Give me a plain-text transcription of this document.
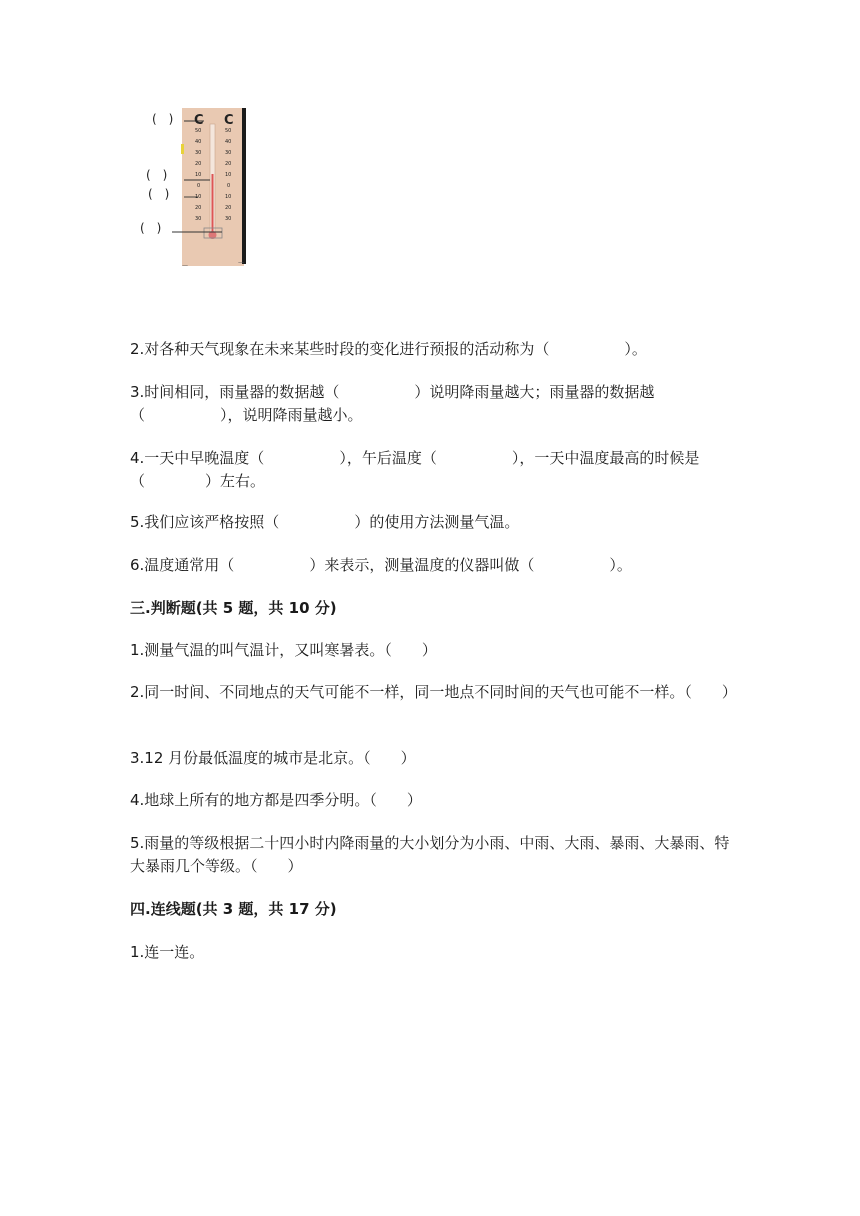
—
—
C C
50
40
30
20
10
0
10
20
30
50
40
30
20
10
0
10
20
30
(　)
(　)
(　)
(　)

2.对各种天气现象在未来某些时段的变化进行预报的活动称为（　　　　　）。

3.时间相同，雨量器的数据越（　　　　　）说明降雨量越大；雨量器的数据越（　　　　　），说明降雨量越小。

4.一天中早晚温度（　　　　　），午后温度（　　　　　），一天中温度最高的时候是（　　　　）左右。

5.我们应该严格按照（　　　　　）的使用方法测量气温。

6.温度通常用（　　　　　）来表示，测量温度的仪器叫做（　　　　　）。

三.判断题(共 5 题，共 10 分)

1.测量气温的叫气温计，又叫寒暑表。（　　）

2.同一时间、不同地点的天气可能不一样，同一地点不同时间的天气也可能不一样。（　　）

3.12 月份最低温度的城市是北京。（　　）

4.地球上所有的地方都是四季分明。（　　）

5.雨量的等级根据二十四小时内降雨量的大小划分为小雨、中雨、大雨、暴雨、大暴雨、特大暴雨几个等级。（　　）

四.连线题(共 3 题，共 17 分)

1.连一连。
